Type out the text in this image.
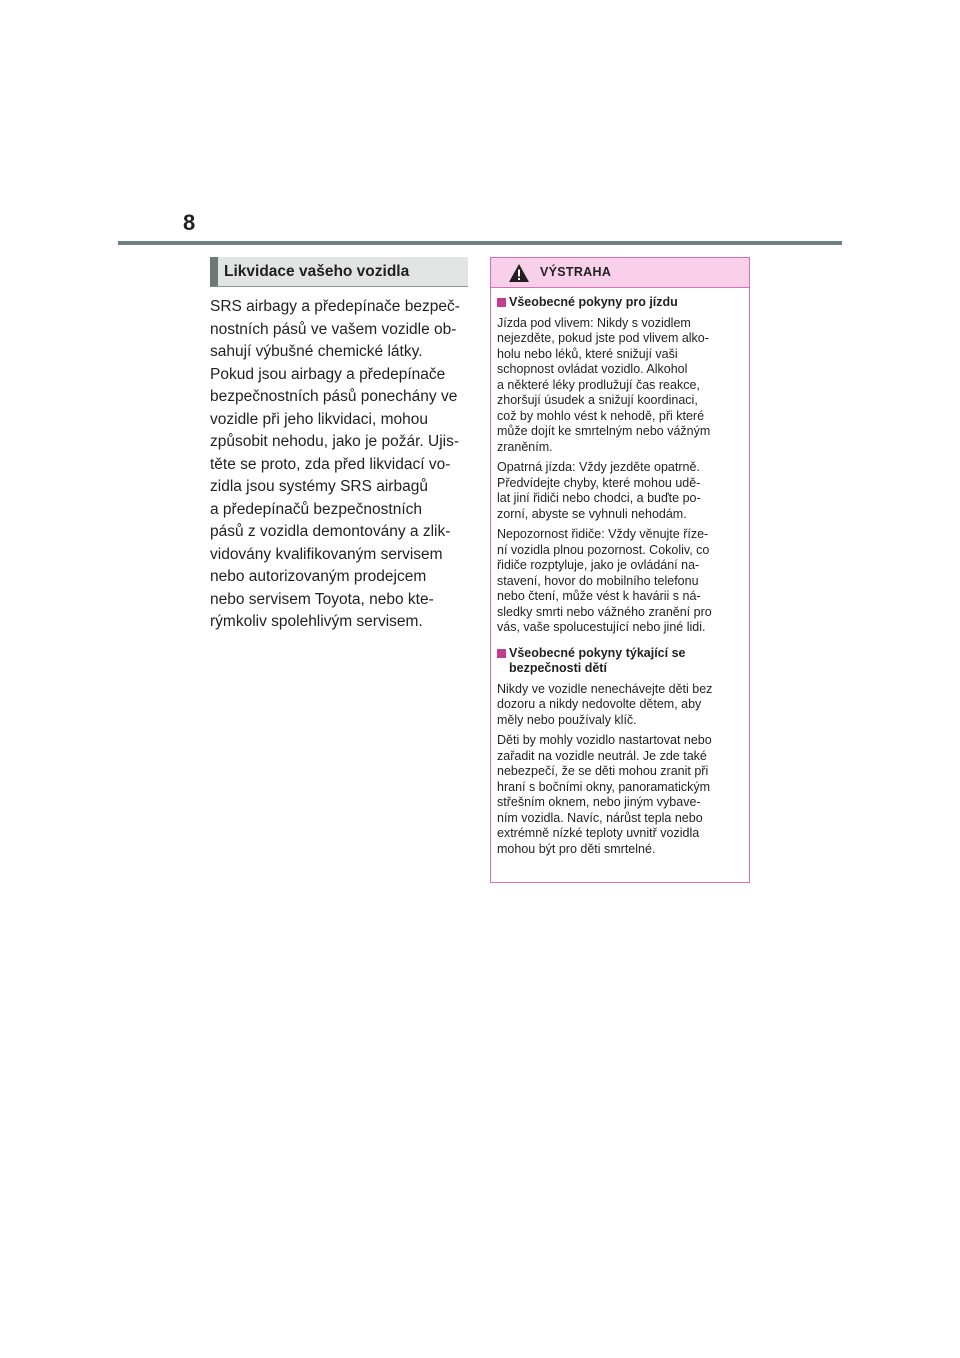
8
Likvidace vašeho vozidla

SRS airbagy a předepínače bezpeč-
nostních pásů ve vašem vozidle ob-
sahují výbušné chemické látky.
Pokud jsou airbagy a předepínače
bezpečnostních pásů ponechány ve
vozidle při jeho likvidaci, mohou
způsobit nehodu, jako je požár. Ujis-
těte se proto, zda před likvidací vo-
zidla jsou systémy SRS airbagů
a předepínačů bezpečnostních
pásů z vozidla demontovány a zlik-
vidovány kvalifikovaným servisem
nebo autorizovaným prodejcem
nebo servisem Toyota, nebo kte-
rýmkoliv spolehlivým servisem.

VÝSTRAHA
Všeobecné pokyny pro jízdu
Jízda pod vlivem: Nikdy s vozidlem
nejezděte, pokud jste pod vlivem alko-
holu nebo léků, které snižují vaši
schopnost ovládat vozidlo. Alkohol
a některé léky prodlužují čas reakce,
zhoršují úsudek a snižují koordinaci,
což by mohlo vést k nehodě, při které
může dojít ke smrtelným nebo vážným
zraněním.
Opatrná jízda: Vždy jezděte opatrně.
Předvídejte chyby, které mohou udě-
lat jiní řidiči nebo chodci, a buďte po-
zorní, abyste se vyhnuli nehodám.
Nepozornost řidiče: Vždy věnujte říze-
ní vozidla plnou pozornost. Cokoliv, co
řidiče rozptyluje, jako je ovládání na-
stavení, hovor do mobilního telefonu
nebo čtení, může vést k havárii s ná-
sledky smrti nebo vážného zranění pro
vás, vaše spolucestující nebo jiné lidi.
Všeobecné pokyny týkající se
bezpečnosti dětí
Nikdy ve vozidle nenechávejte děti bez
dozoru a nikdy nedovolte dětem, aby
měly nebo používaly klíč.
Děti by mohly vozidlo nastartovat nebo
zařadit na vozidle neutrál. Je zde také
nebezpečí, že se děti mohou zranit při
hraní s bočními okny, panoramatickým
střešním oknem, nebo jiným vybave-
ním vozidla. Navíc, nárůst tepla nebo
extrémně nízké teploty uvnitř vozidla
mohou být pro děti smrtelné.
